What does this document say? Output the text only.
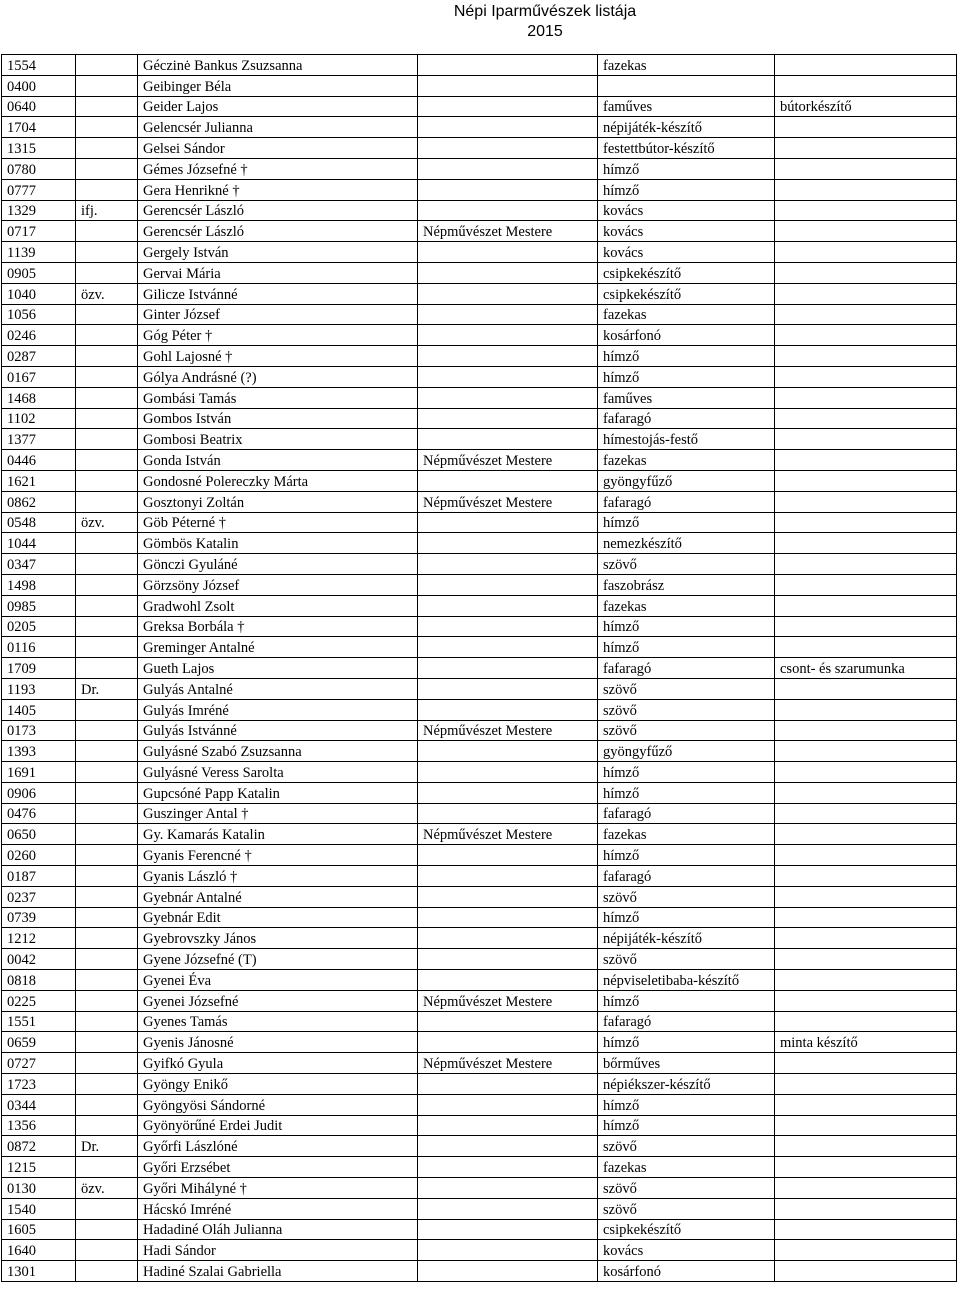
Népi Iparművészek listája
2015
1554		Géczinė Bankus Zsuzsanna		fazekas	
0400		Geibinger Béla			
0640		Geider Lajos		faműves	bútorkészítő
1704		Gelencsér Julianna		népijáték-készítő	
1315		Gelsei Sándor		festettbútor-készítő	
0780		Gémes Józsefné †		hímző	
0777		Gera Henrikné †		hímző	
1329	ifj.	Gerencsér László		kovács	
0717		Gerencsér László	Népművészet Mestere	kovács	
1139		Gergely István		kovács	
0905		Gervai Mária		csipkekészítő	
1040	özv.	Gilicze Istvánné		csipkekészítő	
1056		Ginter József		fazekas	
0246		Góg Péter †		kosárfonó	
0287		Gohl Lajosné †		hímző	
0167		Gólya Andrásné (?)		hímző	
1468		Gombási Tamás		faműves	
1102		Gombos István		fafaragó	
1377		Gombosi Beatrix		hímestojás-festő	
0446		Gonda István	Népművészet Mestere	fazekas	
1621		Gondosné Polereczky Márta		gyöngyfűző	
0862		Gosztonyi Zoltán	Népművészet Mestere	fafaragó	
0548	özv.	Göb Péterné †		hímző	
1044		Gömbös Katalin		nemezkészítő	
0347		Gönczi Gyuláné		szövő	
1498		Görzsöny József		faszobrász	
0985		Gradwohl Zsolt		fazekas	
0205		Greksa Borbála †		hímző	
0116		Greminger Antalné		hímző	
1709		Gueth Lajos		fafaragó	csont- és szarumunka
1193	Dr.	Gulyás Antalné		szövő	
1405		Gulyás Imréné		szövő	
0173		Gulyás Istvánné	Népművészet Mestere	szövő	
1393		Gulyásné Szabó Zsuzsanna		gyöngyfűző	
1691		Gulyásné Veress Sarolta		hímző	
0906		Gupcsóné Papp Katalin		hímző	
0476		Guszinger Antal †		fafaragó	
0650		Gy. Kamarás Katalin	Népművészet Mestere	fazekas	
0260		Gyanis Ferencné †		hímző	
0187		Gyanis László †		fafaragó	
0237		Gyebnár Antalné		szövő	
0739		Gyebnár Edit		hímző	
1212		Gyebrovszky János		népijáték-készítő	
0042		Gyene Józsefné (T)		szövő	
0818		Gyenei Éva		népviseletibaba-készítő	
0225		Gyenei Józsefné	Népművészet Mestere	hímző	
1551		Gyenes Tamás		fafaragó	
0659		Gyenis Jánosné		hímző	minta készítő
0727		Gyifkó Gyula	Népművészet Mestere	bőrműves	
1723		Gyöngy Enikő		népiékszer-készítő	
0344		Gyöngyösi Sándorné		hímző	
1356		Gyönyörűné Erdei Judit		hímző	
0872	Dr.	Győrfi Lászlóné		szövő	
1215		Győri Erzsébet		fazekas	
0130	özv.	Győri Mihályné †		szövő	
1540		Hácskó Imréné		szövő	
1605		Hadadiné Oláh Julianna		csipkekészítő	
1640		Hadi Sándor		kovács	
1301		Hadiné Szalai Gabriella		kosárfonó	
